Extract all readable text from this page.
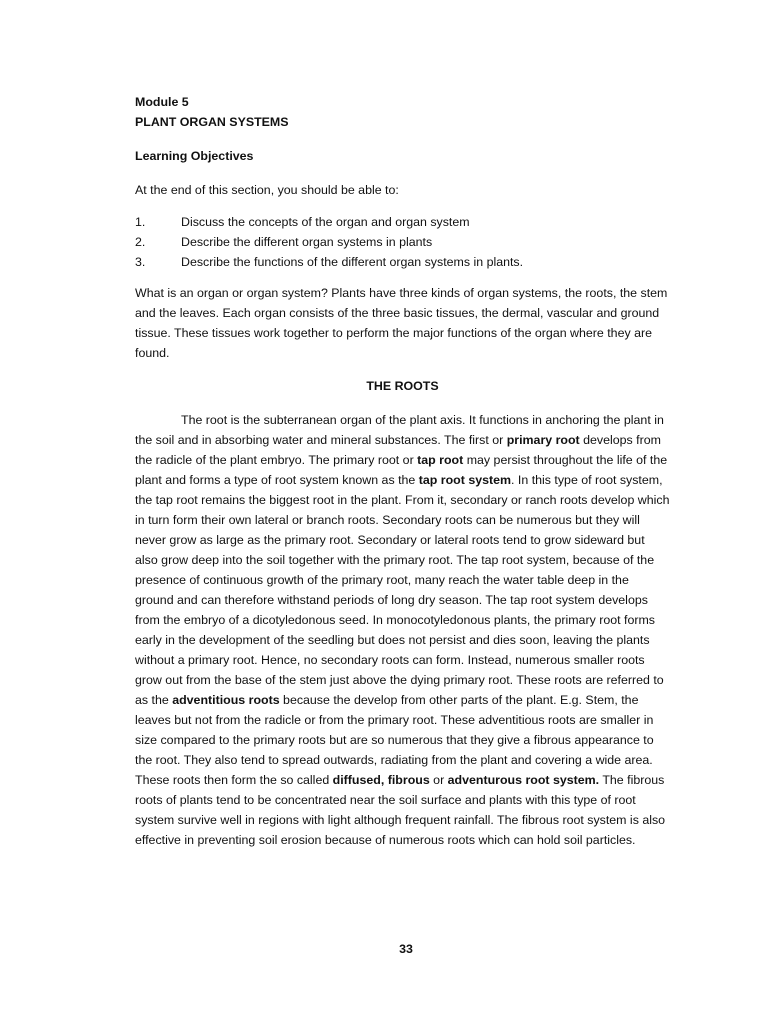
Module 5

PLANT ORGAN SYSTEMS

Learning Objectives

At the end of this section, you should be able to:

1.	Discuss the concepts of the organ and organ system
2.	Describe the different organ systems in plants
3.	Describe the functions of the different organ systems in plants.

What is an organ or organ system? Plants have three kinds of organ systems, the roots, the stem and the leaves. Each organ consists of the three basic tissues, the dermal, vascular and ground tissue. These tissues work together to perform the major functions of the organ where they are found.

THE ROOTS

The root is the subterranean organ of the plant axis. It functions in anchoring the plant in the soil and in absorbing water and mineral substances. The first or primary root develops from the radicle of the plant embryo. The primary root or tap root may persist throughout the life of the plant and forms a type of root system known as the tap root system. In this type of root system, the tap root remains the biggest root in the plant. From it, secondary or ranch roots develop which in turn form their own lateral or branch roots. Secondary roots can be numerous but they will never grow as large as the primary root. Secondary or lateral roots tend to grow sideward but also grow deep into the soil together with the primary root. The tap root system, because of the presence of continuous growth of the primary root, many reach the water table deep in the ground and can therefore withstand periods of long dry season. The tap root system develops from the embryo of a dicotyledonous seed. In monocotyledonous plants, the primary root forms early in the development of the seedling but does not persist and dies soon, leaving the plants without a primary root. Hence, no secondary roots can form. Instead, numerous smaller roots grow out from the base of the stem just above the dying primary root. These roots are referred to as the adventitious roots because the develop from other parts of the plant. E.g. Stem, the leaves but not from the radicle or from the primary root. These adventitious roots are smaller in size compared to the primary roots but are so numerous that they give a fibrous appearance to the root. They also tend to spread outwards, radiating from the plant and covering a wide area. These roots then form the so called diffused, fibrous or adventurous root system. The fibrous roots of plants tend to be concentrated near the soil surface and plants with this type of root system survive well in regions with light although frequent rainfall. The fibrous root system is also effective in preventing soil erosion because of numerous roots which can hold soil particles.

33
